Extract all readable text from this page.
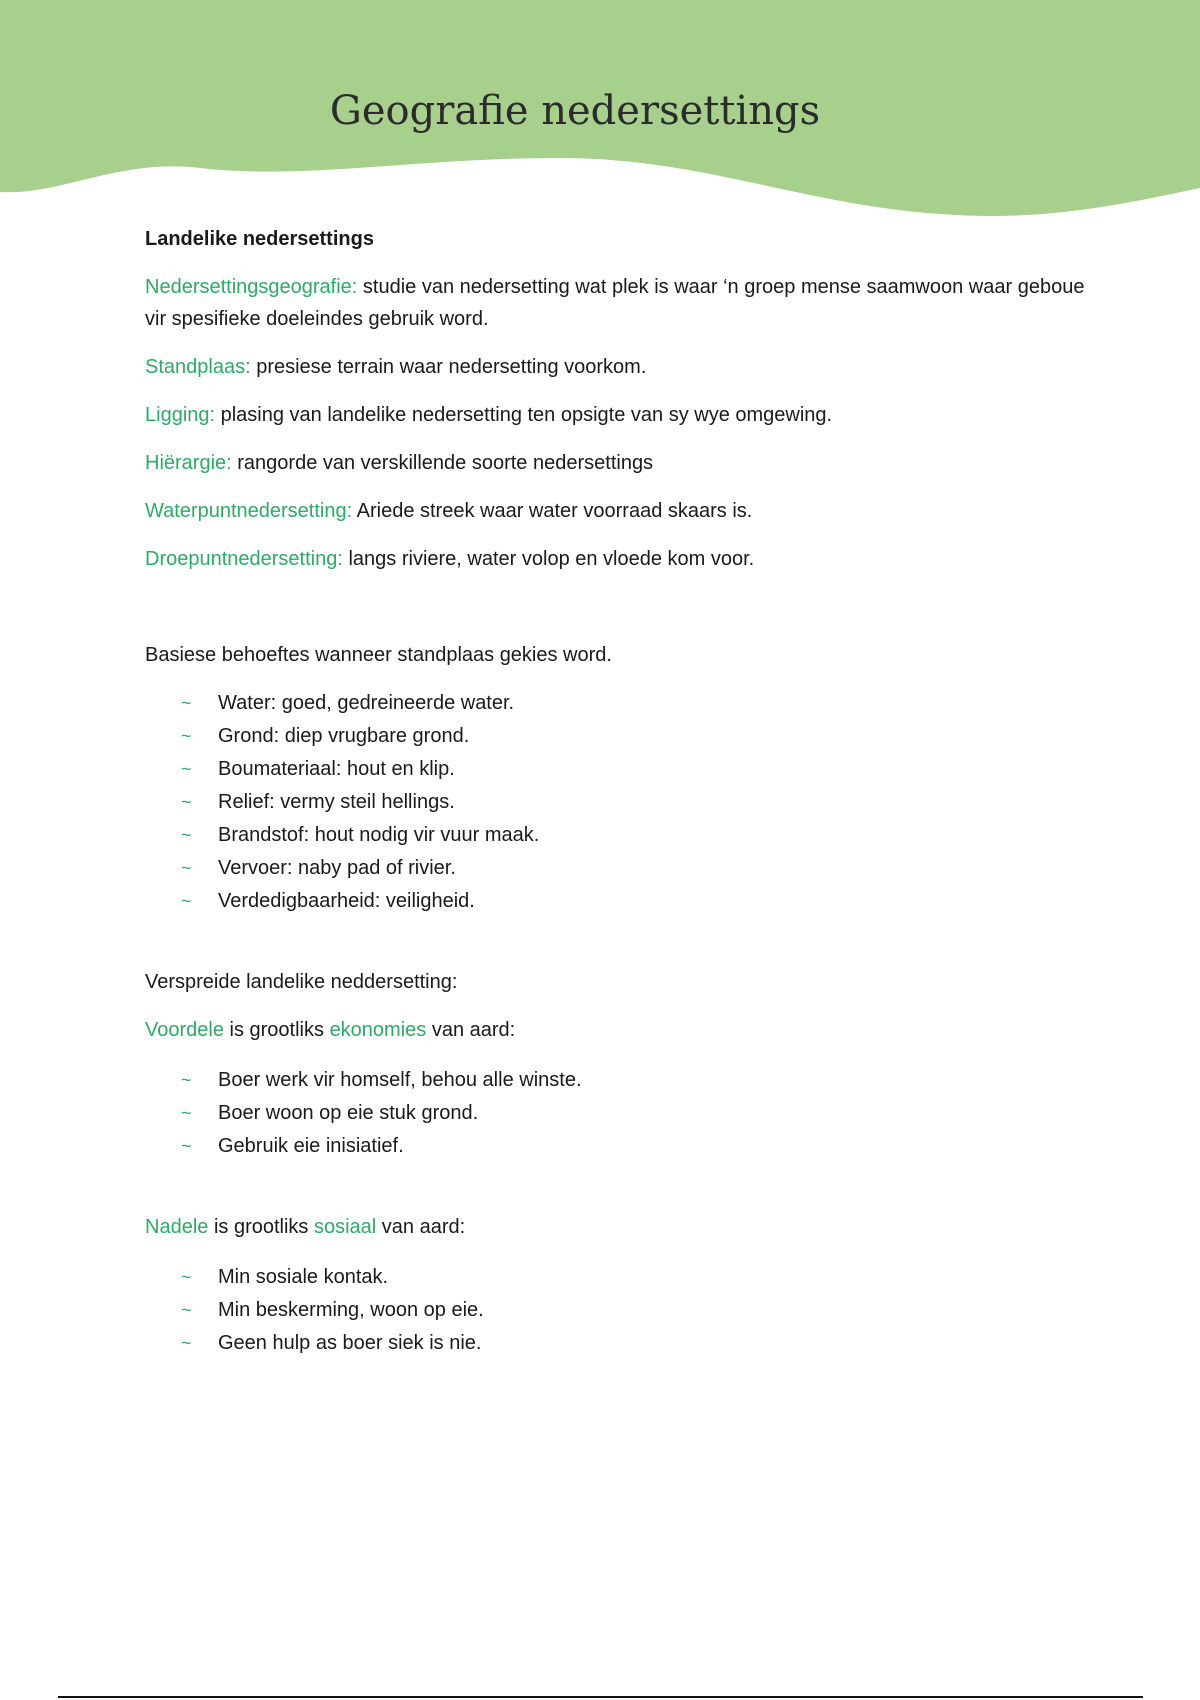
Geografie nedersettings

Landelike nedersettings

Nedersettingsgeografie: studie van nedersetting wat plek is waar ‘n groep mense saamwoon waar geboue vir spesifieke doeleindes gebruik word.

Standplaas: presiese terrain waar nedersetting voorkom.

Ligging: plasing van landelike nedersetting ten opsigte van sy wye omgewing.

Hiërargie: rangorde van verskillende soorte nedersettings

Waterpuntnedersetting: Ariede streek waar water voorraad skaars is.

Droepuntnedersetting: langs riviere, water volop en vloede kom voor.

Basiese behoeftes wanneer standplaas gekies word.

~ Water: goed, gedreineerde water.
~ Grond: diep vrugbare grond.
~ Boumateriaal: hout en klip.
~ Relief: vermy steil hellings.
~ Brandstof: hout nodig vir vuur maak.
~ Vervoer: naby pad of rivier.
~ Verdedigbaarheid: veiligheid.

Verspreide landelike neddersetting:

Voordele is grootliks ekonomies van aard:

~ Boer werk vir homself, behou alle winste.
~ Boer woon op eie stuk grond.
~ Gebruik eie inisiatief.

Nadele is grootliks sosiaal van aard:

~ Min sosiale kontak.
~ Min beskerming, woon op eie.
~ Geen hulp as boer siek is nie.
